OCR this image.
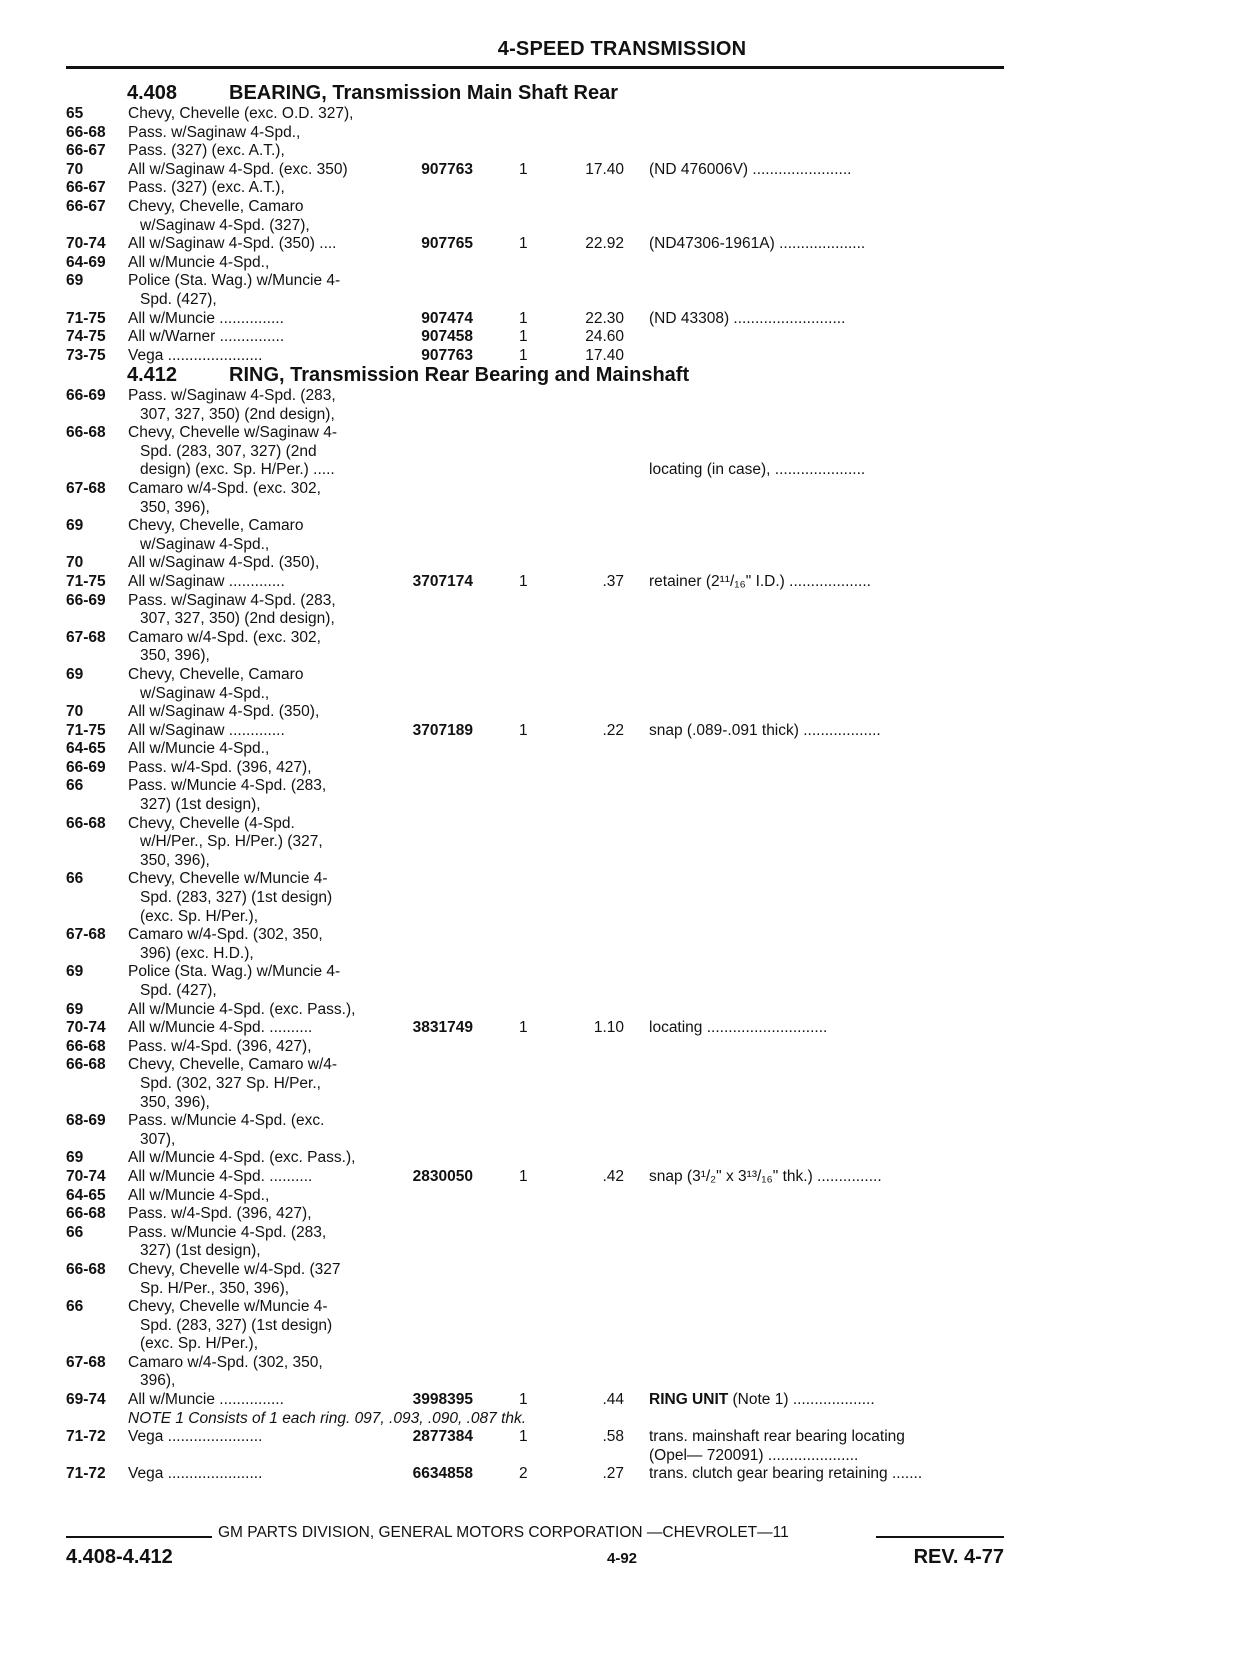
4-SPEED TRANSMISSION
4.408	BEARING, Transmission Main Shaft Rear
65	Chevy, Chevelle (exc. O.D. 327),
66-68 Pass. w/Saginaw 4-Spd.,
66-67 Pass. (327) (exc. A.T.),
70	All w/Saginaw 4-Spd. (exc. 350)	907763	1	17.40 (ND 476006V) .......................
66-67 Pass. (327) (exc. A.T.),
66-67 Chevy, Chevelle, Camaro
w/Saginaw 4-Spd. (327),
70-74 All w/Saginaw 4-Spd. (350) ....	907765	1	22.92 (ND47306-1961A) ....................
64-69 All w/Muncie 4-Spd.,
69	Police (Sta. Wag.) w/Muncie 4-
Spd. (427),
71-75 All w/Muncie ...............	907474	1	22.30 (ND 43308) ..........................
74-75 All w/Warner ...............	907458	1	24.60
73-75 Vega ......................	907763	1	17.40
4.412	RING, Transmission Rear Bearing and Mainshaft
66-69 Pass. w/Saginaw 4-Spd. (283,
307, 327, 350) (2nd design),
66-68 Chevy, Chevelle w/Saginaw 4-
Spd. (283, 307, 327) (2nd
design) (exc. Sp. H/Per.) .....	locating (in case), .....................
67-68 Camaro w/4-Spd. (exc. 302,
350, 396),
69	Chevy, Chevelle, Camaro
w/Saginaw 4-Spd.,
70	All w/Saginaw 4-Spd. (350),
71-75 All w/Saginaw .............	3707174	1	.37 retainer (2¹¹/₁₆" I.D.) ...................
66-69 Pass. w/Saginaw 4-Spd. (283,
307, 327, 350) (2nd design),
67-68 Camaro w/4-Spd. (exc. 302,
350, 396),
69	Chevy, Chevelle, Camaro
w/Saginaw 4-Spd.,
70	All w/Saginaw 4-Spd. (350),
71-75 All w/Saginaw .............	3707189	1	.22 snap (.089-.091 thick) ..................
64-65 All w/Muncie 4-Spd.,
66-69 Pass. w/4-Spd. (396, 427),
66	Pass. w/Muncie 4-Spd. (283,
327) (1st design),
66-68 Chevy, Chevelle (4-Spd.
w/H/Per., Sp. H/Per.) (327,
350, 396),
66	Chevy, Chevelle w/Muncie 4-
Spd. (283, 327) (1st design)
(exc. Sp. H/Per.),
67-68 Camaro w/4-Spd. (302, 350,
396) (exc. H.D.),
69	Police (Sta. Wag.) w/Muncie 4-
Spd. (427),
69	All w/Muncie 4-Spd. (exc. Pass.),
70-74 All w/Muncie 4-Spd. ..........	3831749	1	1.10 locating ............................
66-68 Pass. w/4-Spd. (396, 427),
66-68 Chevy, Chevelle, Camaro w/4-
Spd. (302, 327 Sp. H/Per.,
350, 396),
68-69 Pass. w/Muncie 4-Spd. (exc.
307),
69	All w/Muncie 4-Spd. (exc. Pass.),
70-74 All w/Muncie 4-Spd. ..........	2830050	1	.42 snap (3¹/₂" x 3¹³/₁₆" thk.) ...............
64-65 All w/Muncie 4-Spd.,
66-68 Pass. w/4-Spd. (396, 427),
66	Pass. w/Muncie 4-Spd. (283,
327) (1st design),
66-68 Chevy, Chevelle w/4-Spd. (327
Sp. H/Per., 350, 396),
66	Chevy, Chevelle w/Muncie 4-
Spd. (283, 327) (1st design)
(exc. Sp. H/Per.),
67-68 Camaro w/4-Spd. (302, 350,
396),
69-74 All w/Muncie ...............	3998395	1	.44 RING UNIT (Note 1) ...................
NOTE 1 Consists of 1 each ring. 097, .093, .090, .087 thk.
71-72 Vega ......................	2877384	1	.58 trans. mainshaft rear bearing locating
(Opel— 720091) .....................
71-72 Vega ......................	6634858	2	.27 trans. clutch gear bearing retaining .......
GM PARTS DIVISION, GENERAL MOTORS CORPORATION —CHEVROLET—11
4.408-4.412	4-92	REV. 4-77
